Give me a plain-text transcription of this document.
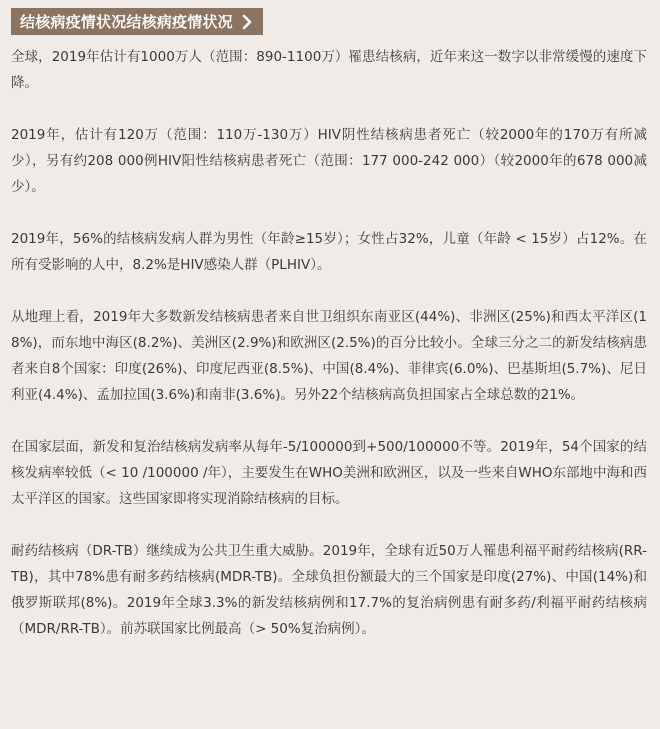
结核病疫情状况结核病疫情状况

全球，2019年估计有1000万人（范围：890-1100万）罹患结核病，近年来这一数字以非常缓慢的速度下降。

2019年，估计有120万（范围：110万-130万）HIV阴性结核病患者死亡（较2000年的170万有所减少），另有约208 000例HIV阳性结核病患者死亡（范围：177 000-242 000）（较2000年的678 000减少）。

2019年，56%的结核病发病人群为男性（年龄≥15岁）；女性占32%，儿童（年龄 < 15岁）占12%。在所有受影响的人中，8.2%是HIV感染人群（PLHIV）。

从地理上看，2019年大多数新发结核病患者来自世卫组织东南亚区(44%)、非洲区(25%)和西太平洋区(18%)，而东地中海区(8.2%)、美洲区(2.9%)和欧洲区(2.5%)的百分比较小。全球三分之二的新发结核病患者来自8个国家：印度(26%)、印度尼西亚(8.5%)、中国(8.4%)、菲律宾(6.0%)、巴基斯坦(5.7%)、尼日利亚(4.4%)、孟加拉国(3.6%)和南非(3.6%)。另外22个结核病高负担国家占全球总数的21%。

在国家层面，新发和复治结核病发病率从每年-5/100000到+500/100000不等。2019年，54个国家的结核发病率较低（< 10 /100000 /年），主要发生在WHO美洲和欧洲区，以及一些来自WHO东部地中海和西太平洋区的国家。这些国家即将实现消除结核病的目标。

耐药结核病（DR-TB）继续成为公共卫生重大威胁。2019年，全球有近50万人罹患利福平耐药结核病(RR-TB)，其中78%患有耐多药结核病(MDR-TB)。全球负担份额最大的三个国家是印度(27%)、中国(14%)和俄罗斯联邦(8%)。2019年全球3.3%的新发结核病例和17.7%的复治病例患有耐多药/利福平耐药结核病（MDR/RR-TB）。前苏联国家比例最高（> 50%复治病例）。
